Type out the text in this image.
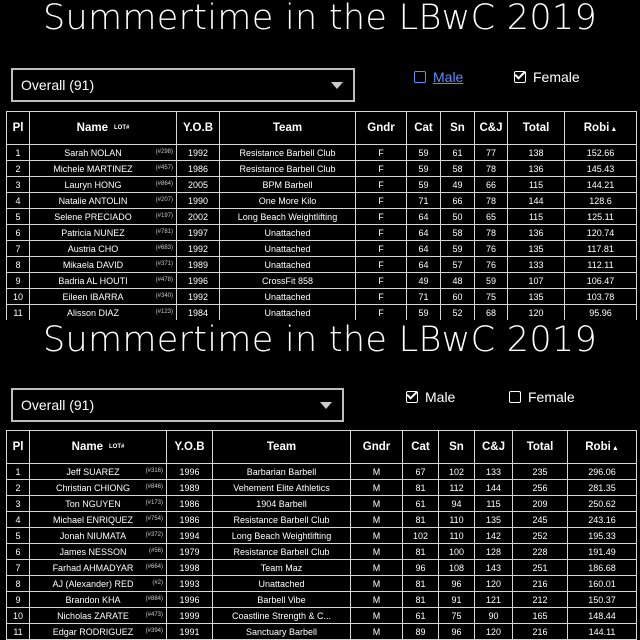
Summertime in the LBwC 2019
Overall (91)	Male	Female
Pl	Name LOT#	Y.O.B	Team	Gndr	Cat	Sn	C&J	Total	Robi▲
1	Sarah NOLAN (#298)	1992	Resistance Barbell Club	F	59	61	77	138	152.66
2	Michele MARTINEZ (#457)	1986	Resistance Barbell Club	F	59	58	78	136	145.43
3	Lauryn HONG (#864)	2005	BPM Barbell	F	59	49	66	115	144.21
4	Natalie ANTOLIN (#207)	1990	One More Kilo	F	71	66	78	144	128.6
5	Selene PRECIADO (#197)	2002	Long Beach Weightlifting	F	64	50	65	115	125.11
6	Patricia NUNEZ (#781)	1997	Unattached	F	64	58	78	136	120.74
7	Austria CHO (#683)	1992	Unattached	F	64	59	76	135	117.81
8	Mikaela DAVID (#371)	1989	Unattached	F	64	57	76	133	112.11
9	Badria AL HOUTI (#478)	1996	CrossFit 858	F	49	48	59	107	106.47
10	Eileen IBARRA (#340)	1992	Unattached	F	71	60	75	135	103.78
11	Alisson DIAZ (#123)	1984	Unattached	F	59	52	68	120	95.96
Summertime in the LBwC 2019
Overall (91)	Male	Female
Pl	Name LOT#	Y.O.B	Team	Gndr	Cat	Sn	C&J	Total	Robi▲
1	Jeff SUAREZ (#316)	1996	Barbarian Barbell	M	67	102	133	235	296.06
2	Christian CHIONG (#846)	1989	Vehement Elite Athletics	M	81	112	144	256	281.35
3	Ton NGUYEN (#173)	1986	1904 Barbell	M	61	94	115	209	250.62
4	Michael ENRIQUEZ (#754)	1986	Resistance Barbell Club	M	81	110	135	245	243.16
5	Jonah NIUMATA (#372)	1994	Long Beach Weightlifting	M	102	110	142	252	195.33
6	James NESSON (#56)	1979	Resistance Barbell Club	M	81	100	128	228	191.49
7	Farhad AHMADYAR (#664)	1998	Team Maz	M	96	108	143	251	186.68
8	AJ (Alexander) RED (#2)	1993	Unattached	M	81	96	120	216	160.01
9	Brandon KHA (#884)	1996	Barbell Vibe	M	81	91	121	212	150.37
10	Nicholas ZARATE (#473)	1999	Coastline Strength & C...	M	61	75	90	165	148.44
11	Edgar RODRIGUEZ (#394)	1991	Sanctuary Barbell	M	89	96	120	216	144.11
